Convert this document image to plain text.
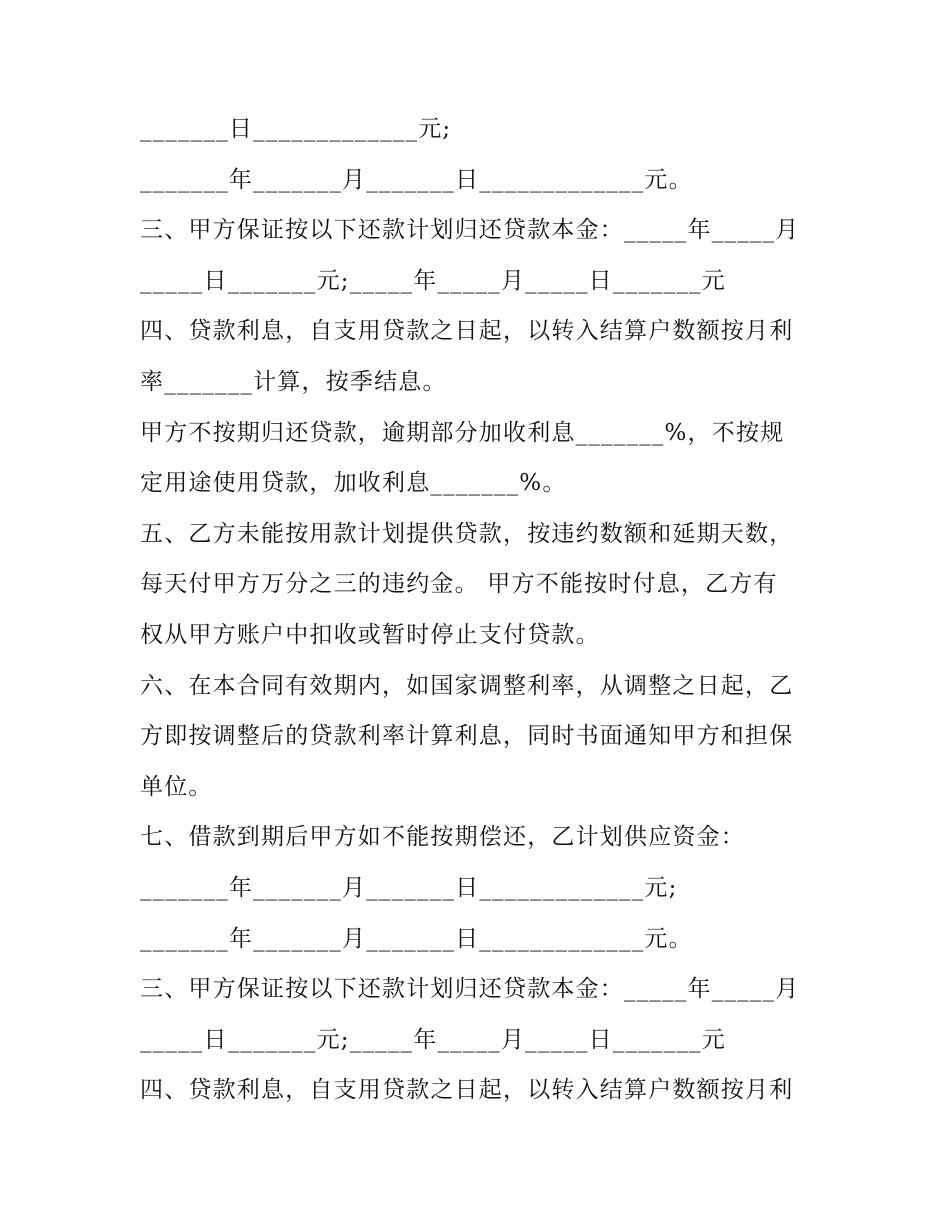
_______日_____________元;
_______年_______月_______日_____________元。
三、甲方保证按以下还款计划归还贷款本金：_____年_____月
_____日_______元;_____年_____月_____日_______元
四、贷款利息，自支用贷款之日起，以转入结算户数额按月利
率_______计算，按季结息。
甲方不按期归还贷款，逾期部分加收利息_______%，不按规
定用途使用贷款，加收利息_______%。
五、乙方未能按用款计划提供贷款，按违约数额和延期天数，
每天付甲方万分之三的违约金。 甲方不能按时付息，乙方有
权从甲方账户中扣收或暂时停止支付贷款。
六、在本合同有效期内，如国家调整利率，从调整之日起，乙
方即按调整后的贷款利率计算利息，同时书面通知甲方和担保
单位。
七、借款到期后甲方如不能按期偿还，乙计划供应资金：
_______年_______月_______日_____________元;
_______年_______月_______日_____________元。
三、甲方保证按以下还款计划归还贷款本金：_____年_____月
_____日_______元;_____年_____月_____日_______元
四、贷款利息，自支用贷款之日起，以转入结算户数额按月利
